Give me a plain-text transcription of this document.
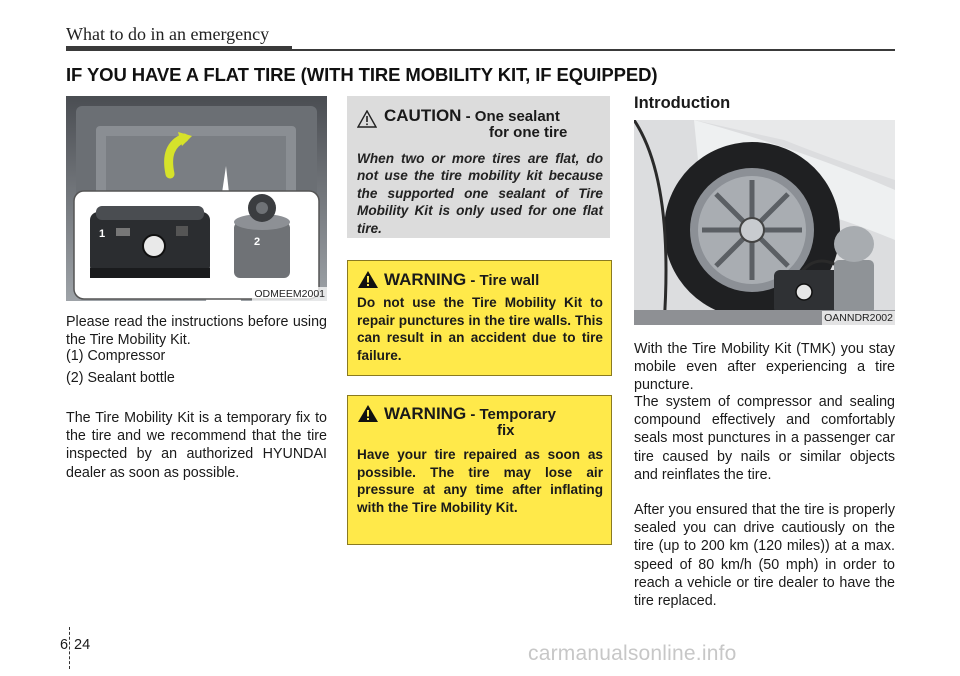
What to do in an emergency
IF YOU HAVE A FLAT TIRE (WITH TIRE MOBILITY KIT, IF EQUIPPED)
1
2
ODMEEM2001
Please read the instructions before using the Tire Mobility Kit.
(1) Compressor
(2) Sealant bottle
The Tire Mobility Kit is a temporary fix to the tire and we recommend that the tire inspected by an authorized HYUNDAI dealer as soon as possible.
CAUTION - One sealant
for one tire
When two or more tires are flat, do not use the tire mobility kit because the supported one sealant of Tire Mobility Kit is only used for one flat tire.
WARNING - Tire wall
Do not use the Tire Mobility Kit to repair punctures in the tire walls. This can result in an accident due to tire failure.
WARNING - Temporary
fix
Have your tire repaired as soon as possible. The tire may lose air pressure at any time after inflating with the Tire Mobility Kit.
Introduction
OANNDR2002
With the Tire Mobility Kit (TMK) you stay mobile even after experiencing a tire puncture.
The system of compressor and sealing compound effectively and comfortably seals most punctures in a passenger car tire caused by nails or similar objects and reinflates the tire.
After you ensured that the tire is properly sealed you can drive cautiously on the tire (up to 200 km (120 miles)) at a max. speed of 80 km/h (50 mph) in order to reach a vehicle or tire dealer to have the tire replaced.
6 24	carmanualsonline.info
